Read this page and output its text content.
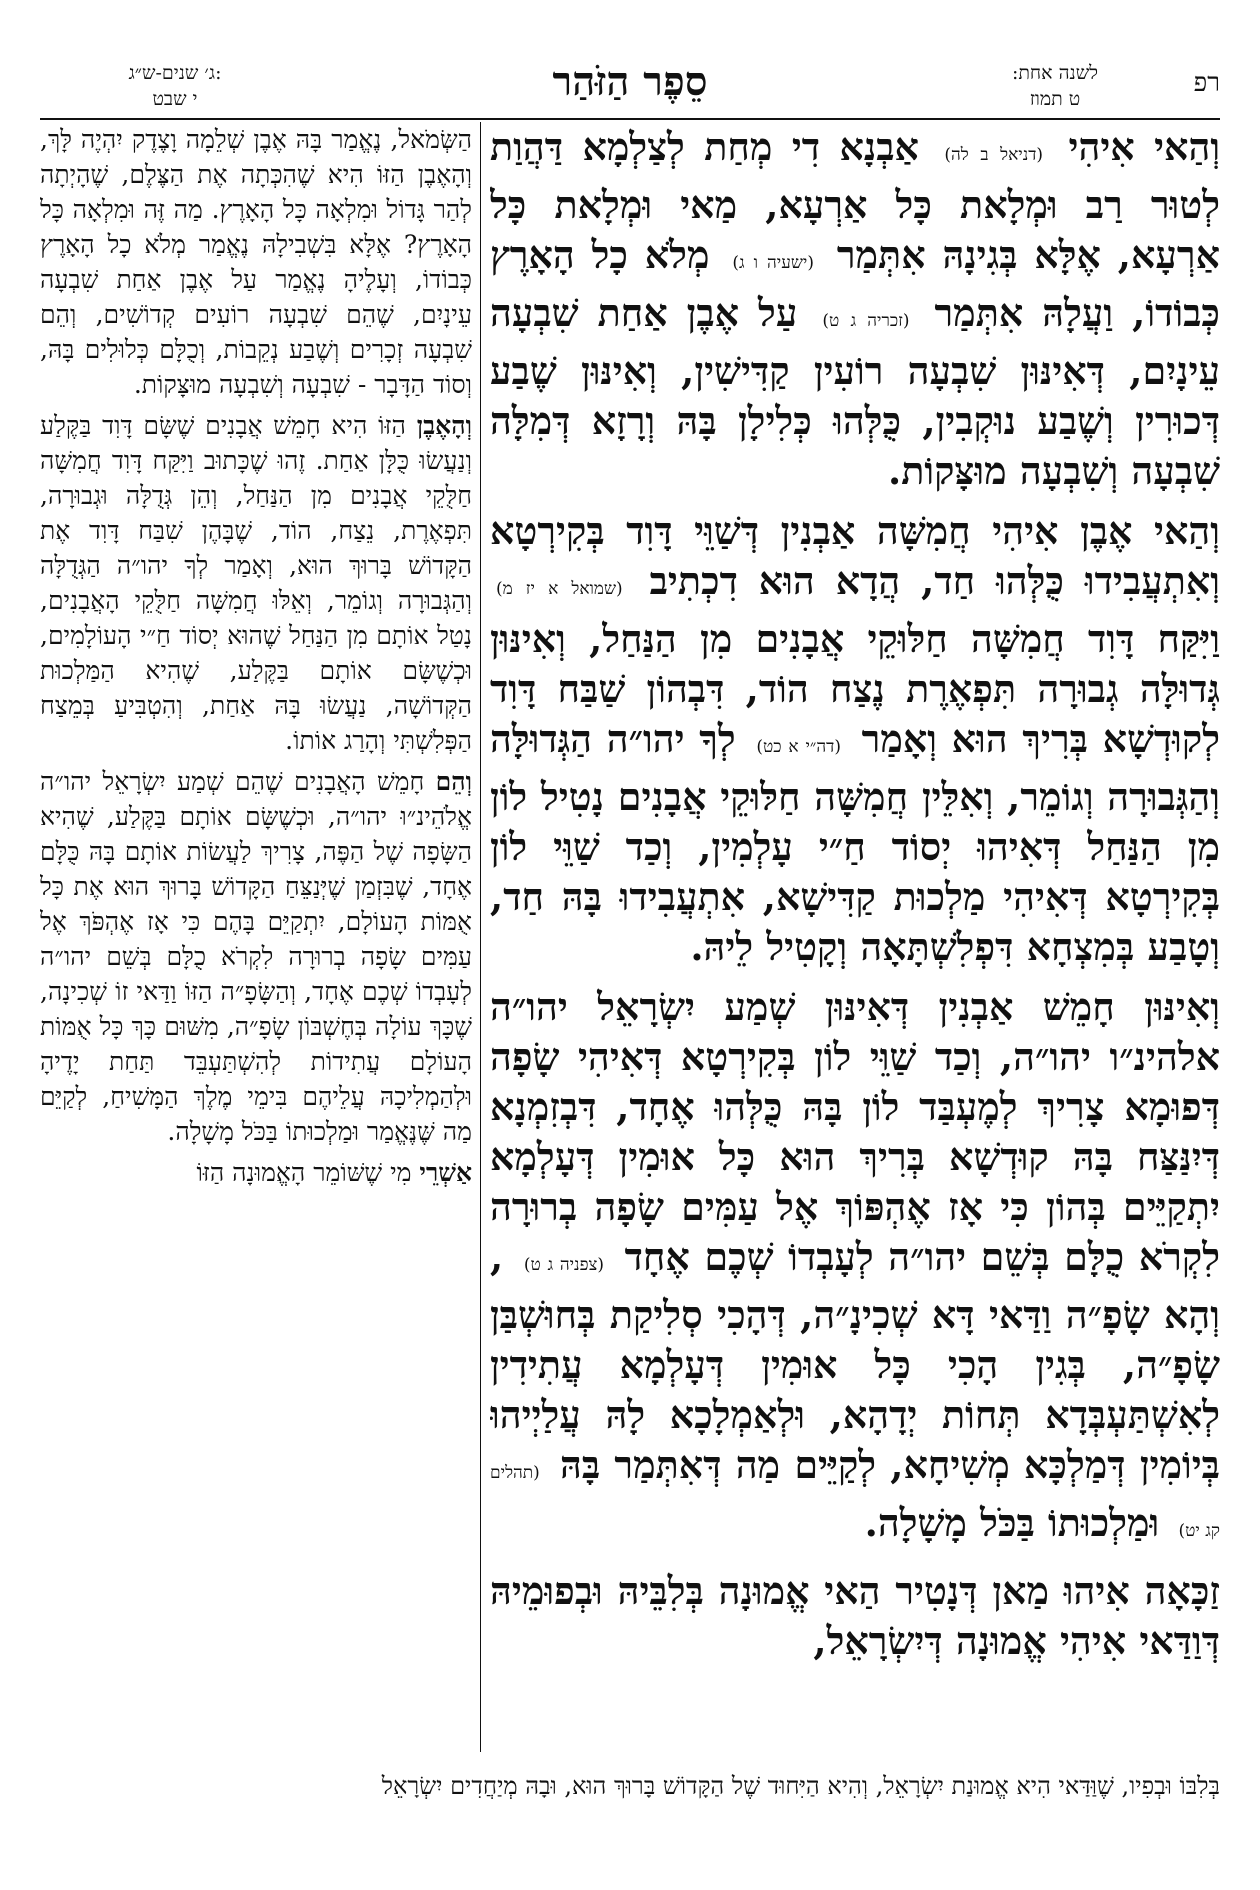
רפ
לשנה אחת:
ט תמוז
סֵפֶר הַזֹּהַר
ג׳ שנים-ש״ג:
י שבט

וְהַאי אִיהִי (דניאל ב לה) אַבְנָא דִי מְחַת לְצַלְמָא דַּהֲוַת לְטוּר רַב וּמְלָאת כָּל אַרְעָא, מַאי וּמְלָאת כָּל אַרְעָא, אֶלָּא בְּגִינָהּ אִתְּמַר (ישעיה ו ג) מְלֹא כָל הָאָרֶץ כְּבוֹדוֹ, וַעֲלָהּ אִתְּמַר (זכריה ג ט) עַל אֶבֶן אַחַת שִׁבְעָה עֵינָיִם, דְּאִינּוּן שִׁבְעָה רוֹעִין קַדִּישִׁין, וְאִינּוּן שֶׁבַע דְּכוּרִין וְשֶׁבַע נוּקְבִין, כֻּלְּהוּ כְּלִילָן בָּהּ וְרָזָא דְּמִלָּה שִׁבְעָה וְשִׁבְעָה מוּצָּקוֹת.

וְהַאי אֶבֶן אִיהִי חֲמִשָּׁה אַבְנִין דְּשַׁוֵּי דָּוִד בְּקִירְטָא וְאִתְעֲבִידוּ כֻּלְּהוּ חַד, הֲדָא הוּא דִכְתִיב (שמואל א יז מ) וַיִּקַּח דָּוִד חֲמִשָּׁה חַלּוּקֵי אֲבָנִים מִן הַנַּחַל, וְאִינּוּן גְּדוּלָּה גְבוּרָה תִּפְאֶרֶת נֶצַח הוֹד, דִּבְהוֹן שַׁבַּח דָּוִד לְקוּדְשָׁא בְּרִיךְ הוּא וְאָמַר (דה״י א כט) לְךָ יהו״ה הַגְּדוּלָּה וְהַגְּבוּרָה וְגוֹמֵר, וְאִלֵּין חֲמִשָּׁה חַלּוּקֵי אֲבָנִים נָטִיל לוֹן מִן הַנַּחַל דְּאִיהוּ יְסוֹד חַ״י עָלְמִין, וְכַד שַׁוֵּי לוֹן בְּקִירְטָא דְּאִיהִי מַלְכוּת קַדִּישָׁא, אִתְעֲבִידוּ בָּהּ חַד, וְטָבַע בְּמִצְחָא דִּפְלִשְׁתָּאָה וְקָטִיל לֵיהּ.

וְאִינּוּן חָמֵשׁ אַבְנִין דְּאִינּוּן שְׁמַע יִשְׂרָאֵל יהו״ה אלהינ״ו יהו״ה, וְכַד שַׁוֵּי לוֹן בְּקִירְטָא דְּאִיהִי שָׂפָה דְּפוּמָא צָרִיךְ לְמֶעְבַּד לוֹן בָּהּ כֻּלְּהוּ אֶחָד, דִּבְזִמְנָא דְּיִנַּצַּח בָּהּ קוּדְשָׁא בְּרִיךְ הוּא כָּל אוּמִין דְּעָלְמָא יִתְקַיֵּים בְּהוֹן כִּי אָז אֶהְפּוֹךְ אֶל עַמִּים שָׂפָה בְרוּרָה לִקְרֹא כֻלָּם בְּשֵׁם יהו״ה לְעָבְדוֹ שְׁכֶם אֶחָד (צפניה ג ט) , וְהָא שָׂפָ״ה וַדַּאי דָּא שְׁכִינָ״ה, דְּהָכִי סְלִיקַת בְּחוּשְׁבַּן שָׂפָ״ה, בְּגִין הָכִי כָּל אוּמִין דְּעָלְמָא עֲתִידִין לְאִשְׁתַּעְבְּדָא תְּחוֹת יְדָהָא, וּלְאַמְלָכָא לָהּ עֲלַיְיהוּ בְּיוֹמִין דְּמַלְכָּא מְשִׁיחָא, לְקַיֵּים מַה דְּאִתְּמַר בָּהּ (תהלים קג יט) וּמַלְכוּתוֹ בַּכֹּל מָשָׁלָה.

זַכָּאָה אִיהוּ מַאן דְּנָטִיר הַאי אֱמוּנָה בְּלִבֵּיהּ וּבְפוּמֵיהּ דְּוַדַּאי אִיהִי אֱמוּנָה דְּיִשְׂרָאֵל,

הַשְּׂמֹאל, נֶאֱמַר בָּהּ אֶבֶן שְׁלֵמָה וָצֶדֶק יִהְיֶה לָּךְ, וְהָאֶבֶן הַזּוֹ הִיא שֶׁהִכְּתָה אֶת הַצֶּלֶם, שֶׁהָיְתָה לְהַר גָּדוֹל וּמִלְאָה כָּל הָאָרֶץ. מַה זֶּה וּמִלְאָה כָּל הָאָרֶץ? אֶלָּא בִּשְׁבִילָהּ נֶאֱמַר מְלֹא כָל הָאָרֶץ כְּבוֹדוֹ, וְעָלֶיהָ נֶאֱמַר עַל אֶבֶן אַחַת שִׁבְעָה עֵינָיִם, שֶׁהֵם שִׁבְעָה רוֹעִים קְדוֹשִׁים, וְהֵם שִׁבְעָה זְכָרִים וְשֶׁבַע נְקֵבוֹת, וְכֻלָּם כְּלוּלִים בָּהּ, וְסוֹד הַדָּבָר - שִׁבְעָה וְשִׁבְעָה מוּצָּקוֹת.

וְהָאֶבֶן הַזּוֹ הִיא חָמֵשׁ אֲבָנִים שֶׁשָּׂם דָּוִד בַּקֶּלַע וְנַעֲשׂוּ כֻּלָּן אַחַת. זֶהוּ שֶׁכָּתוּב וַיִּקַּח דָּוִד חֲמִשָּׁה חַלֻּקֵי אֲבָנִים מִן הַנַּחַל, וְהֵן גְּדֻלָּה וּגְבוּרָה, תִּפְאֶרֶת, נֵצַח, הוֹד, שֶׁבָּהֶן שִׁבַּח דָּוִד אֶת הַקָּדוֹשׁ בָּרוּךְ הוּא, וְאָמַר לְךָ יהו״ה הַגְּדֻלָּה וְהַגְּבוּרָה וְגוֹמֵר, וְאֵלּוּ חֲמִשָּׁה חַלֻּקֵי הָאֲבָנִים, נָטַל אוֹתָם מִן הַנַּחַל שֶׁהוּא יְסוֹד חַ״י הָעוֹלָמִים, וּכְשֶׁשָּׂם אוֹתָם בַּקֶּלַע, שֶׁהִיא הַמַּלְכוּת הַקְּדוֹשָׁה, נַעֲשׂוּ בָּהּ אַחַת, וְהִטְבִּיעַ בְּמֵצַח הַפְּלִשְׁתִּי וְהָרַג אוֹתוֹ.

וְהֵם חָמֵשׁ הָאֲבָנִים שֶׁהֵם שְׁמַע יִשְׂרָאֵל יהו״ה אֱלֹהֵינ״וּ יהו״ה, וּכְשֶׁשָּׂם אוֹתָם בַּקֶּלַע, שֶׁהִיא הַשָּׂפָה שֶׁל הַפֶּה, צָרִיךְ לַעֲשׂוֹת אוֹתָם בָּהּ כֻּלָּם אֶחָד, שֶׁבִּזְמַן שֶׁיְּנַצֵּחַ הַקָּדוֹשׁ בָּרוּךְ הוּא אֶת כָּל אֻמּוֹת הָעוֹלָם, יִתְקַיֵּם בָּהֶם כִּי אָז אֶהְפֹּךְ אֶל עַמִּים שָׂפָה בְרוּרָה לִקְרֹא כֻלָּם בְּשֵׁם יהו״ה לְעָבְדוֹ שְׁכֶם אֶחָד, וְהַשָּׂפָ״ה הַזּוֹ וַדַּאי זוֹ שְׁכִינָה, שֶׁכָּךְ עוֹלָה בְּחֶשְׁבּוֹן שָׂפָ״ה, מִשּׁוּם כָּךְ כָּל אֻמּוֹת הָעוֹלָם עֲתִידוֹת לְהִשְׁתַּעְבֵּד תַּחַת יָדֶיהָ וּלְהַמְלִיכָהּ עֲלֵיהֶם בִּימֵי מֶלֶךְ הַמָּשִׁיחַ, לְקַיֵּם מַה שֶּׁנֶּאֱמַר וּמַלְכוּתוֹ בַּכֹּל מָשָׁלָה.

אַשְׁרֵי מִי שֶׁשּׁוֹמֵר הָאֱמוּנָה הַזּוֹ

בְּלִבּוֹ וּבְפִיו, שֶׁוַּדַּאי הִיא אֱמוּנַת יִשְׂרָאֵל, וְהִיא הַיִּחוּד שֶׁל הַקָּדוֹשׁ בָּרוּךְ הוּא, וּבָהּ מְיַחֲדִים יִשְׂרָאֵל
